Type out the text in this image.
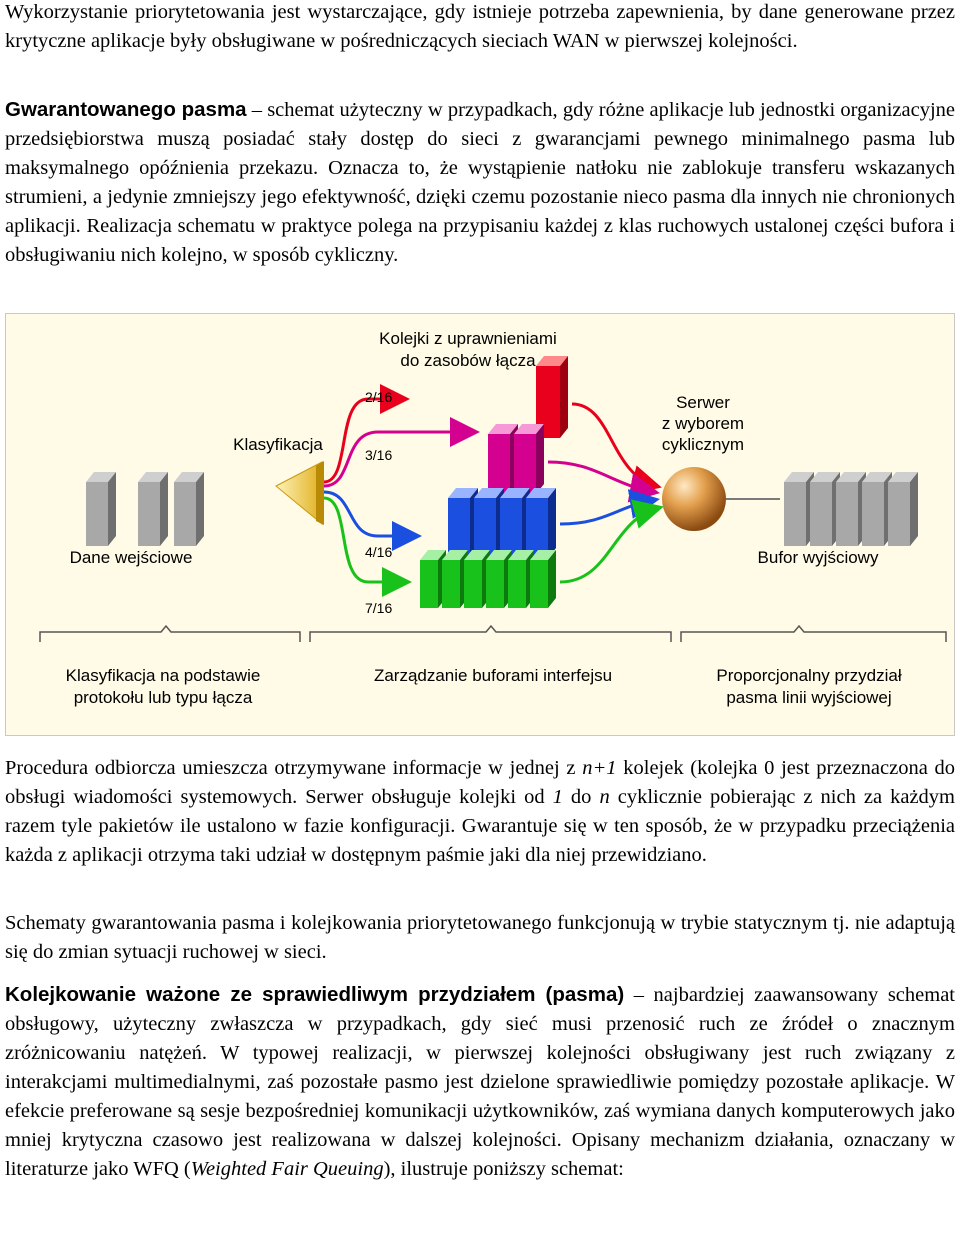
Wykorzystanie priorytetowania jest wystarczające, gdy istnieje potrzeba zapewnienia, by dane generowane przez krytyczne aplikacje były obsługiwane w pośredniczących sieciach WAN w pierwszej kolejności.

Gwarantowanego pasma – schemat użyteczny w przypadkach, gdy różne aplikacje lub jednostki organizacyjne przedsiębiorstwa muszą posiadać stały dostęp do sieci z gwarancjami pewnego minimalnego pasma lub maksymalnego opóźnienia przekazu. Oznacza to, że wystąpienie natłoku nie zablokuje transferu wskazanych strumieni, a jedynie zmniejszy jego efektywność, dzięki czemu pozostanie nieco pasma dla innych nie chronionych aplikacji. Realizacja schematu w praktyce polega na przypisaniu każdej z klas ruchowych ustalonej części bufora i obsługiwaniu nich kolejno, w sposób cykliczny.

Kolejki z uprawnieniami
do zasobów łącza
Klasyfikacja
Dane wejściowe
Serwer
z wyborem
cyklicznym
Bufor wyjściowy
2/16
3/16
4/16
7/16
Klasyfikacja na podstawie
protokołu lub typu łącza
Zarządzanie buforami interfejsu	Proporcjonalny przydział
pasma linii wyjściowej

Procedura odbiorcza umieszcza otrzymywane informacje w jednej z n+1 kolejek (kolejka 0 jest przeznaczona do obsługi wiadomości systemowych. Serwer obsługuje kolejki od 1 do n cyklicznie pobierając z nich za każdym razem tyle pakietów ile ustalono w fazie konfiguracji. Gwarantuje się w ten sposób, że w przypadku przeciążenia każda z aplikacji otrzyma taki udział w dostępnym paśmie jaki dla niej przewidziano.

Schematy gwarantowania pasma i kolejkowania priorytetowanego funkcjonują w trybie statycznym tj. nie adaptują się do zmian sytuacji ruchowej w sieci.

Kolejkowanie ważone ze sprawiedliwym przydziałem (pasma) – najbardziej zaawansowany schemat obsługowy, użyteczny zwłaszcza w przypadkach, gdy sieć musi przenosić ruch ze źródeł o znacznym zróżnicowaniu natężeń. W typowej realizacji, w pierwszej kolejności obsługiwany jest ruch związany z interakcjami multimedialnymi, zaś pozostałe pasmo jest dzielone sprawiedliwie pomiędzy pozostałe aplikacje. W efekcie preferowane są sesje bezpośredniej komunikacji użytkowników, zaś wymiana danych komputerowych jako mniej krytyczna czasowo jest realizowana w dalszej kolejności. Opisany mechanizm działania, oznaczany w literaturze jako WFQ (Weighted Fair Queuing), ilustruje poniższy schemat:
